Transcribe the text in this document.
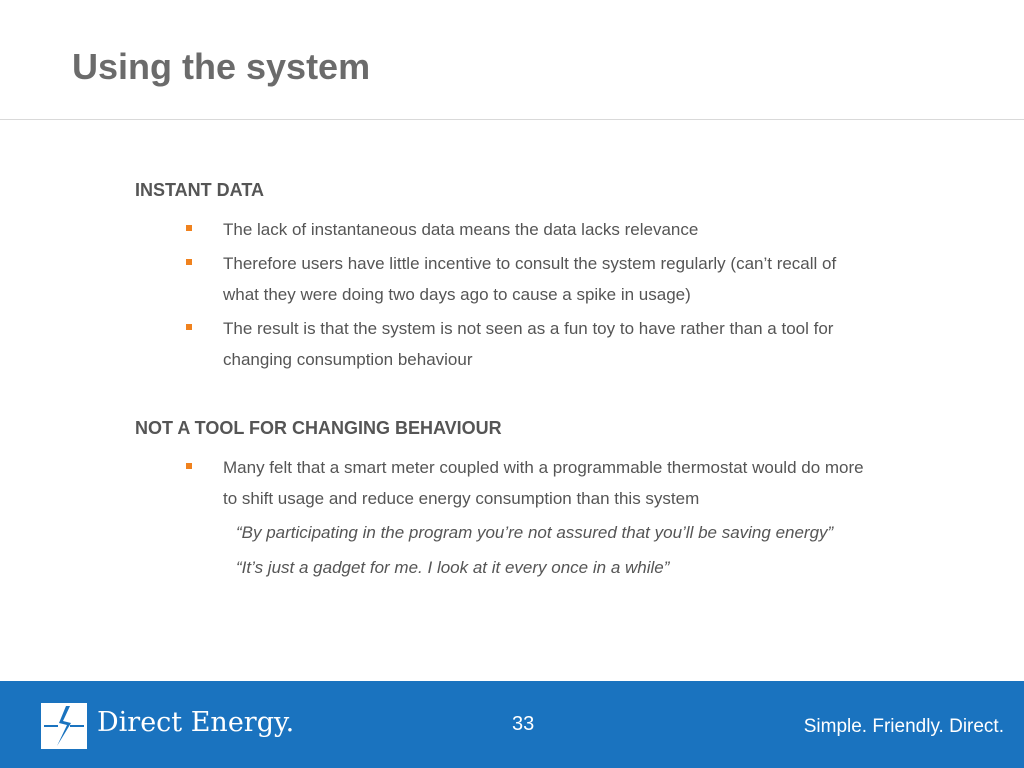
Using the system
INSTANT DATA
The lack of instantaneous data means the data lacks relevance
Therefore users have little incentive to consult the system regularly (can’t recall of what they were doing two days ago to cause a spike in usage)
The result is that the system is not seen as a fun toy to have rather than a tool for changing consumption behaviour
NOT A TOOL FOR CHANGING BEHAVIOUR
Many felt that a smart meter coupled with a programmable thermostat would do more to shift usage and reduce energy consumption than this system
“By participating in the program you’re not assured that you’ll be saving energy”
“It’s just a gadget for me. I look at it every once in a while”
Direct Energy.	33	Simple. Friendly. Direct.
